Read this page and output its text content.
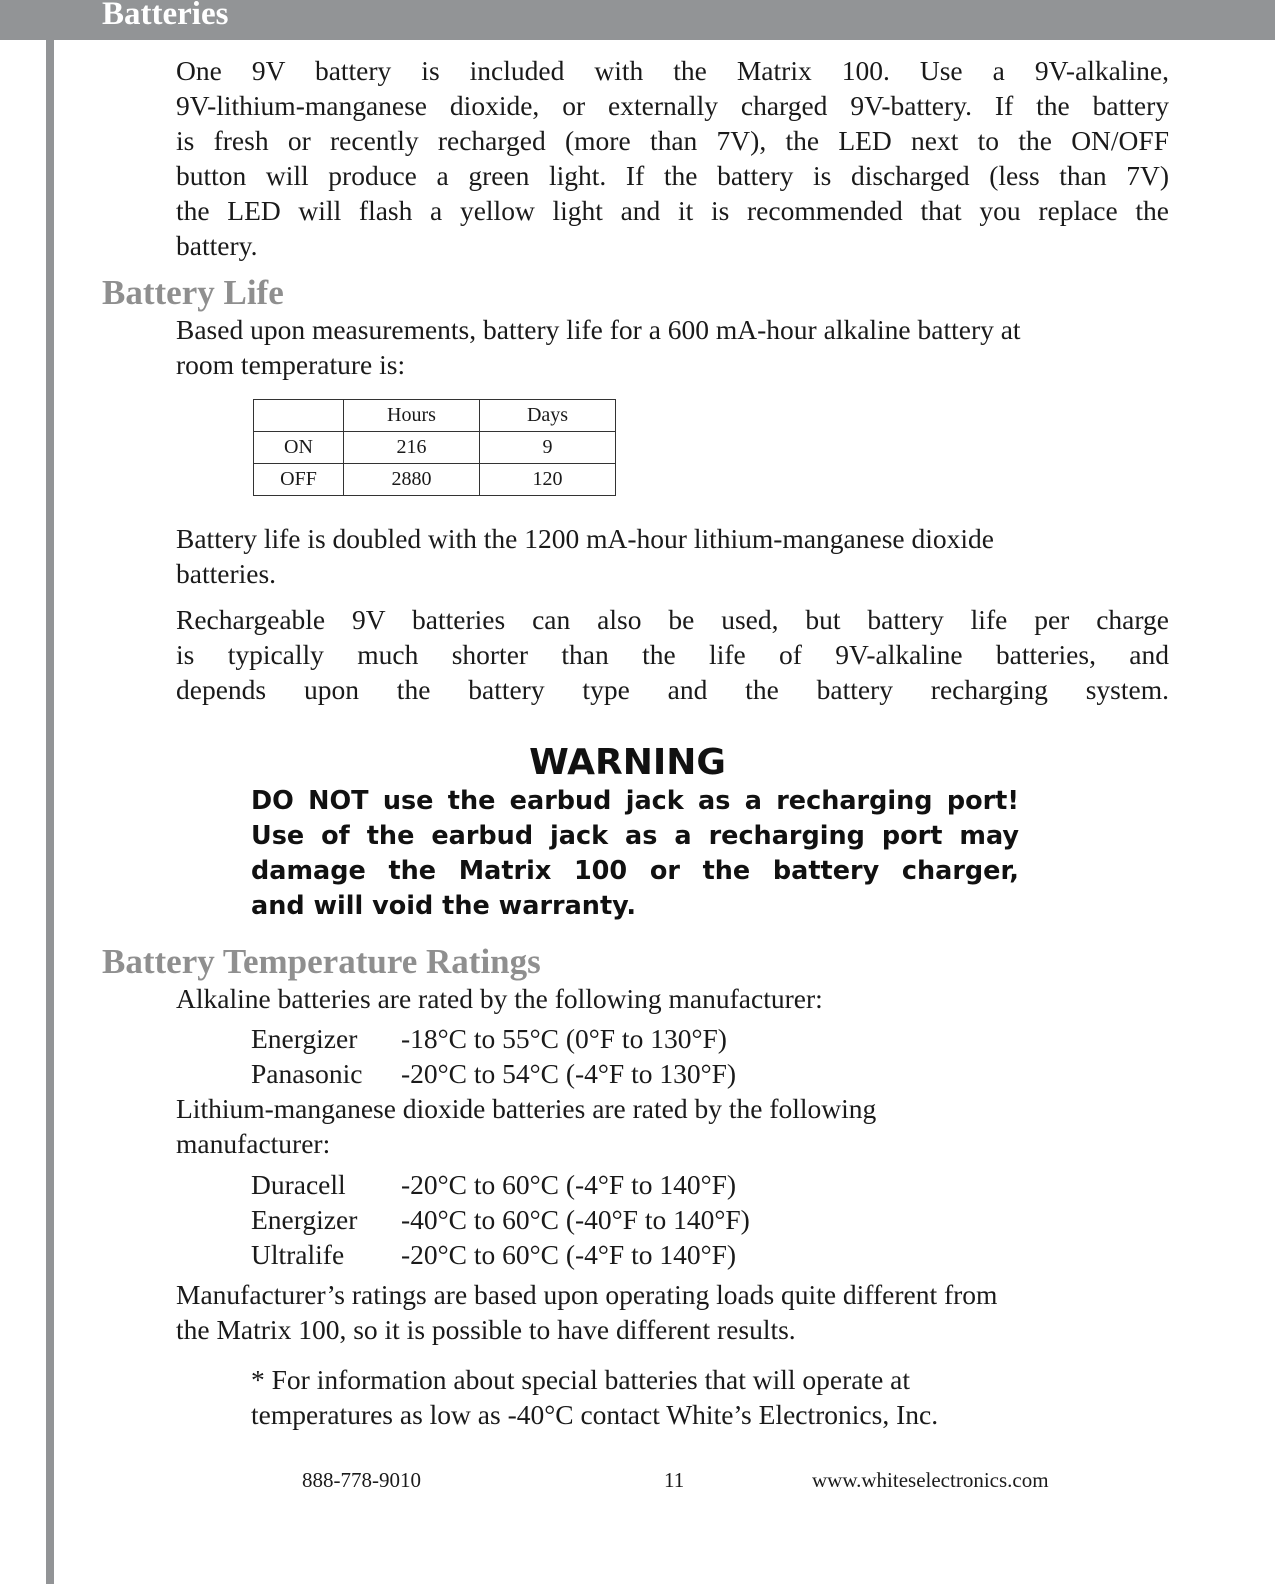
Batteries
One 9V battery is included with the Matrix 100. Use a 9V-alkaline,
9V-lithium-manganese dioxide, or externally charged 9V-battery. If the battery
is fresh or recently recharged (more than 7V), the LED next to the ON/OFF
button will produce a green light. If the battery is discharged (less than 7V)
the LED will flash a yellow light and it is recommended that you replace the
battery.
Battery Life
Based upon measurements, battery life for a 600 mA-hour alkaline battery at
room temperature is:
	Hours	Days
ON	216	9
OFF	2880	120
Battery life is doubled with the 1200 mA-hour lithium-manganese dioxide
batteries.
Rechargeable 9V batteries can also be used, but battery life per charge
is typically much shorter than the life of 9V-alkaline batteries, and
depends upon the battery type and the battery recharging system.
WARNING
DO NOT use the earbud jack as a recharging port!
Use of the earbud jack as a recharging port may
damage the Matrix 100 or the battery charger,
and will void the warranty.
Battery Temperature Ratings
Alkaline batteries are rated by the following manufacturer:
Energizer -18°C to 55°C (0°F to 130°F)
Panasonic -20°C to 54°C (-4°F to 130°F)
Lithium-manganese dioxide batteries are rated by the following
manufacturer:
Duracell -20°C to 60°C (-4°F to 140°F)
Energizer -40°C to 60°C (-40°F to 140°F)
Ultralife -20°C to 60°C (-4°F to 140°F)
Manufacturer’s ratings are based upon operating loads quite different from
the Matrix 100, so it is possible to have different results.
* For information about special batteries that will operate at
temperatures as low as -40°C contact White’s Electronics, Inc.
888-778-9010	11	www.whiteselectronics.com
